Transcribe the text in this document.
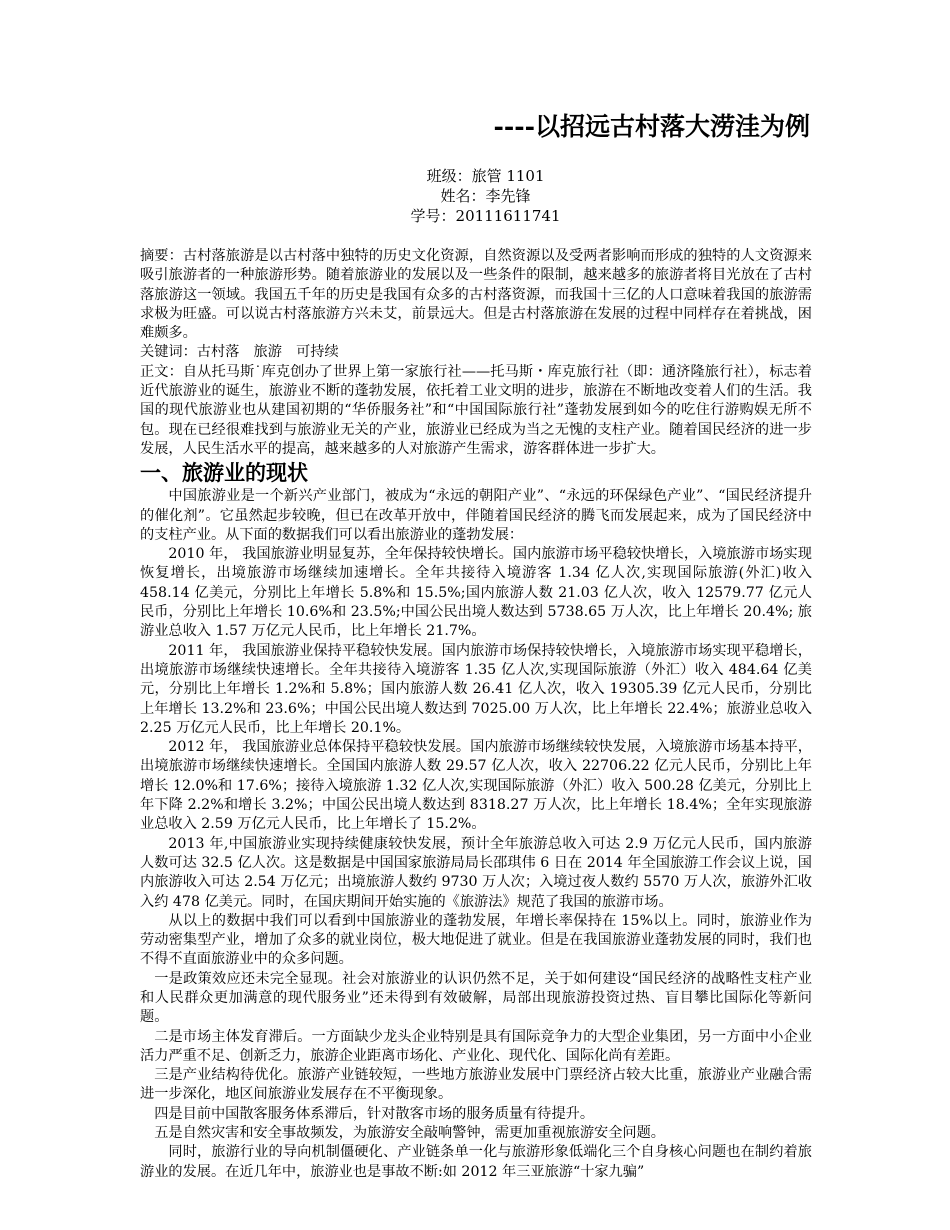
----以招远古村落大涝洼为例

班级：旅管 1101
姓名：李先锋
学号：20111611741

摘要：古村落旅游是以古村落中独特的历史文化资源，自然资源以及受两者影响而形成的独特的人文资源来吸引旅游者的一种旅游形势。随着旅游业的发展以及一些条件的限制，越来越多的旅游者将目光放在了古村落旅游这一领域。我国五千年的历史是我国有众多的古村落资源，而我国十三亿的人口意味着我国的旅游需求极为旺盛。可以说古村落旅游方兴未艾，前景远大。但是古村落旅游在发展的过程中同样存在着挑战，困难颇多。

关键词：古村落　旅游　可持续

正文：自从托马斯˙库克创办了世界上第一家旅行社——托马斯・库克旅行社（即：通济隆旅行社），标志着近代旅游业的诞生，旅游业不断的蓬勃发展，依托着工业文明的进步，旅游在不断地改变着人们的生活。我国的现代旅游业也从建国初期的“华侨服务社”和“中国国际旅行社”蓬勃发展到如今的吃住行游购娱无所不包。现在已经很难找到与旅游业无关的产业，旅游业已经成为当之无愧的支柱产业。随着国民经济的进一步发展，人民生活水平的提高，越来越多的人对旅游产生需求，游客群体进一步扩大。

一、旅游业的现状

中国旅游业是一个新兴产业部门，被成为“永远的朝阳产业”、“永远的环保绿色产业”、“国民经济提升的催化剂”。它虽然起步较晚，但已在改革开放中，伴随着国民经济的腾飞而发展起来，成为了国民经济中的支柱产业。从下面的数据我们可以看出旅游业的蓬勃发展：

2010 年， 我国旅游业明显复苏，全年保持较快增长。国内旅游市场平稳较快增长，入境旅游市场实现恢复增长，出境旅游市场继续加速增长。全年共接待入境游客 1.34 亿人次,实现国际旅游(外汇)收入 458.14 亿美元，分别比上年增长 5.8%和 15.5%;国内旅游人数 21.03 亿人次，收入 12579.77 亿元人民币，分别比上年增长 10.6%和 23.5%;中国公民出境人数达到 5738.65 万人次，比上年增长 20.4%; 旅游业总收入 1.57 万亿元人民币，比上年增长 21.7%。

2011 年， 我国旅游业保持平稳较快发展。国内旅游市场保持较快增长，入境旅游市场实现平稳增长，出境旅游市场继续快速增长。全年共接待入境游客 1.35 亿人次,实现国际旅游（外汇）收入 484.64 亿美元，分别比上年增长 1.2%和 5.8%；国内旅游人数 26.41 亿人次，收入 19305.39 亿元人民币，分别比上年增长 13.2%和 23.6%；中国公民出境人数达到 7025.00 万人次，比上年增长 22.4%；旅游业总收入 2.25 万亿元人民币，比上年增长 20.1%。

2012 年， 我国旅游业总体保持平稳较快发展。国内旅游市场继续较快发展，入境旅游市场基本持平，出境旅游市场继续快速增长。全国国内旅游人数 29.57 亿人次，收入 22706.22 亿元人民币，分别比上年增长 12.0%和 17.6%；接待入境旅游 1.32 亿人次,实现国际旅游（外汇）收入 500.28 亿美元，分别比上年下降 2.2%和增长 3.2%；中国公民出境人数达到 8318.27 万人次，比上年增长 18.4%；全年实现旅游业总收入 2.59 万亿元人民币，比上年增长了 15.2%。

2013 年,中国旅游业实现持续健康较快发展，预计全年旅游总收入可达 2.9 万亿元人民币，国内旅游人数可达 32.5 亿人次。这是数据是中国国家旅游局局长邵琪伟 6 日在 2014 年全国旅游工作会议上说，国内旅游收入可达 2.54 万亿元；出境旅游人数约 9730 万人次；入境过夜人数约 5570 万人次，旅游外汇收入约 478 亿美元。同时，在国庆期间开始实施的《旅游法》规范了我国的旅游市场。

从以上的数据中我们可以看到中国旅游业的蓬勃发展，年增长率保持在 15%以上。同时，旅游业作为劳动密集型产业，增加了众多的就业岗位，极大地促进了就业。但是在我国旅游业蓬勃发展的同时，我们也不得不直面旅游业中的众多问题。

一是政策效应还未完全显现。社会对旅游业的认识仍然不足，关于如何建设“国民经济的战略性支柱产业和人民群众更加满意的现代服务业”还未得到有效破解，局部出现旅游投资过热、盲目攀比国际化等新问题。

二是市场主体发育滞后。一方面缺少龙头企业特别是具有国际竞争力的大型企业集团，另一方面中小企业活力严重不足、创新乏力，旅游企业距离市场化、产业化、现代化、国际化尚有差距。

三是产业结构待优化。旅游产业链较短，一些地方旅游业发展中门票经济占较大比重，旅游业产业融合需进一步深化，地区间旅游业发展存在不平衡现象。

四是目前中国散客服务体系滞后，针对散客市场的服务质量有待提升。

五是自然灾害和安全事故频发，为旅游安全敲响警钟，需更加重视旅游安全问题。

同时，旅游行业的导向机制僵硬化、产业链条单一化与旅游形象低端化三个自身核心问题也在制约着旅游业的发展。在近几年中，旅游业也是事故不断:如 2012 年三亚旅游“十家九骗”
